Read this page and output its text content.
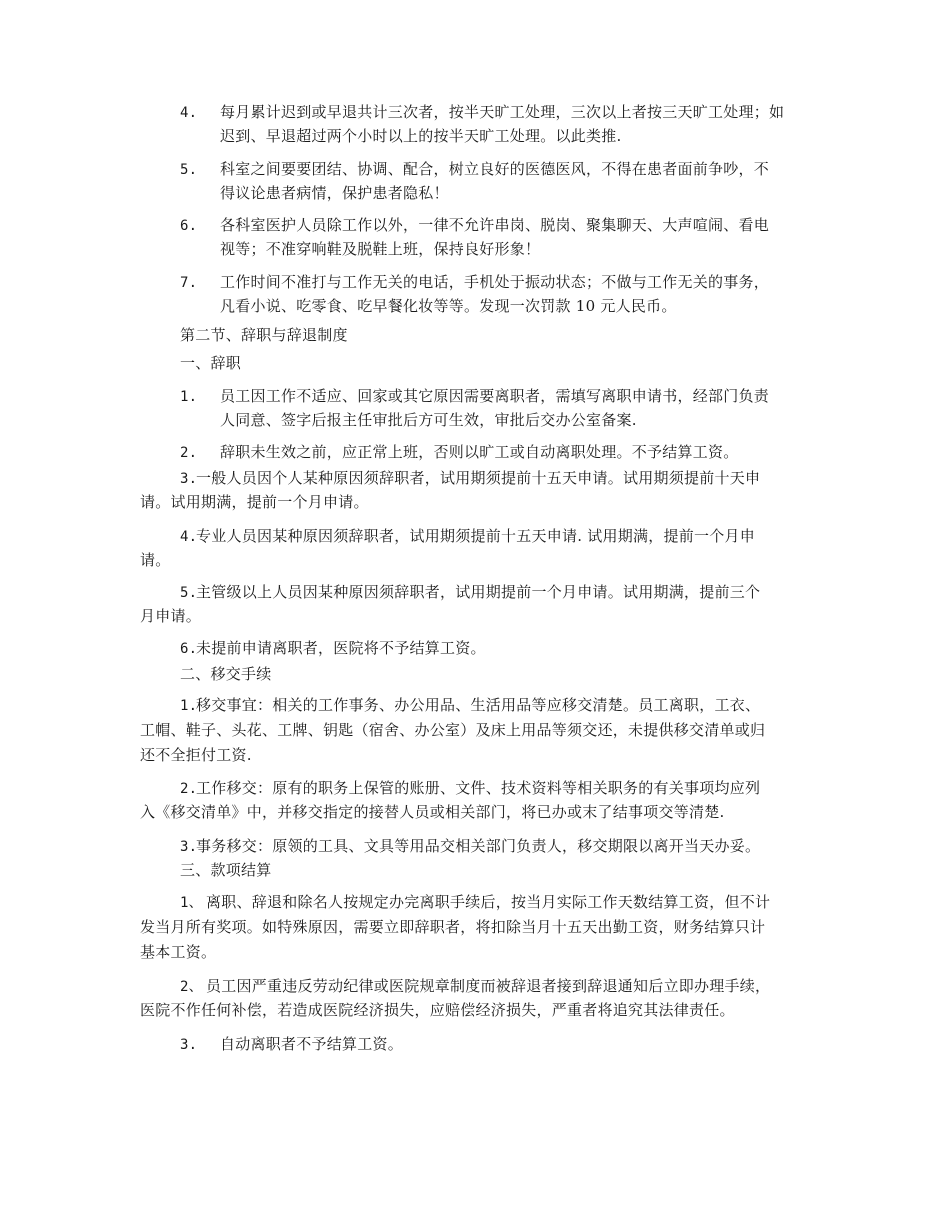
4. 每月累计迟到或早退共计三次者，按半天旷工处理，三次以上者按三天旷工处理；如
迟到、早退超过两个小时以上的按半天旷工处理。以此类推.
5. 科室之间要要团结、协调、配合，树立良好的医德医风，不得在患者面前争吵，不
得议论患者病情，保护患者隐私！
6. 各科室医护人员除工作以外，一律不允许串岗、脱岗、聚集聊天、大声喧闹、看电
视等；不准穿响鞋及脱鞋上班，保持良好形象！
7. 工作时间不准打与工作无关的电话，手机处于振动状态；不做与工作无关的事务，
凡看小说、吃零食、吃早餐化妆等等。发现一次罚款 10 元人民币。
第二节、辞职与辞退制度
一、辞职
1. 员工因工作不适应、回家或其它原因需要离职者，需填写离职申请书，经部门负责
人同意、签字后报主任审批后方可生效，审批后交办公室备案.
2. 辞职未生效之前，应正常上班，否则以旷工或自动离职处理。不予结算工资。
3.一般人员因个人某种原因须辞职者，试用期须提前十五天申请。试用期须提前十天申
请。试用期满，提前一个月申请。
4.专业人员因某种原因须辞职者，试用期须提前十五天申请. 试用期满，提前一个月申
请。
5.主管级以上人员因某种原因须辞职者，试用期提前一个月申请。试用期满，提前三个
月申请。
6.未提前申请离职者，医院将不予结算工资。
二、移交手续
1.移交事宜：相关的工作事务、办公用品、生活用品等应移交清楚。员工离职，工衣、
工帽、鞋子、头花、工牌、钥匙（宿舍、办公室）及床上用品等须交还，未提供移交清单或归
还不全拒付工资.
2.工作移交：原有的职务上保管的账册、文件、技术资料等相关职务的有关事项均应列
入《移交清单》中，并移交指定的接替人员或相关部门，将已办或末了结事项交等清楚.
3.事务移交：原领的工具、文具等用品交相关部门负责人，移交期限以离开当天办妥。
三、款项结算
1、 离职、辞退和除名人按规定办完离职手续后，按当月实际工作天数结算工资，但不计
发当月所有奖项。如特殊原因，需要立即辞职者，将扣除当月十五天出勤工资，财务结算只计
基本工资。
2、 员工因严重违反劳动纪律或医院规章制度而被辞退者接到辞退通知后立即办理手续，
医院不作任何补偿，若造成医院经济损失，应赔偿经济损失，严重者将追究其法律责任。
3. 自动离职者不予结算工资。
